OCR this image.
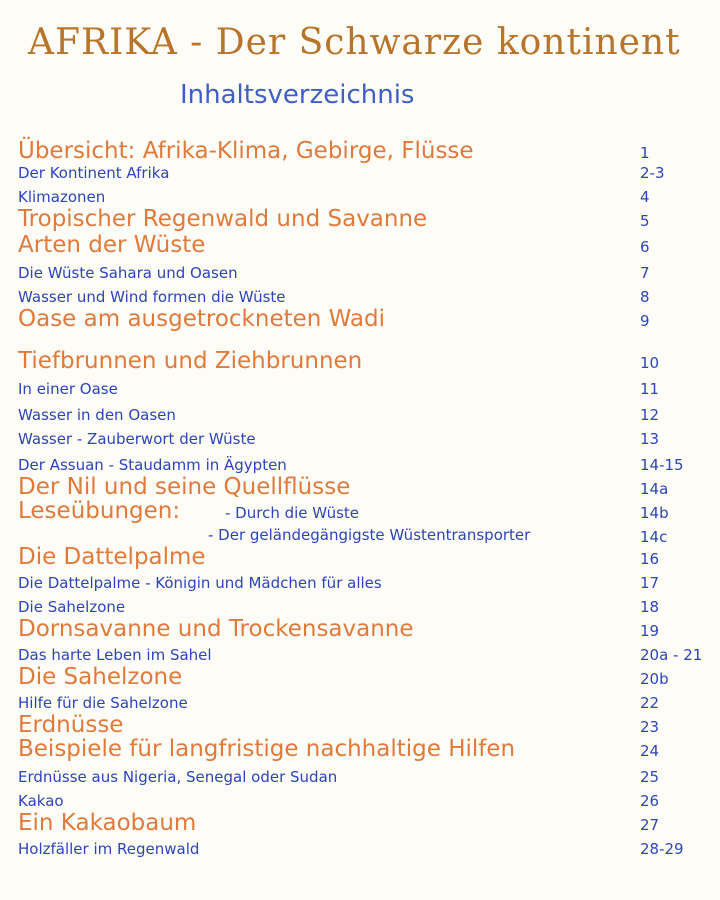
AFRIKA - Der Schwarze kontinent
Inhaltsverzeichnis
Übersicht: Afrika-Klima, Gebirge, Flüsse	1
Der Kontinent Afrika	2-3
Klimazonen	4
Tropischer Regenwald und Savanne	5
Arten der Wüste	6
Die Wüste Sahara und Oasen	7
Wasser und Wind formen die Wüste	8
Oase am ausgetrockneten Wadi	9
Tiefbrunnen und Ziehbrunnen	10
In einer Oase	11
Wasser in den Oasen	12
Wasser - Zauberwort der Wüste	13
Der Assuan - Staudamm in Ägypten	14-15
Der Nil und seine Quellflüsse	14a
Leseübungen:	- Durch die Wüste	14b
- Der geländegängigste Wüstentransporter	14c
Die Dattelpalme	16
Die Dattelpalme - Königin und Mädchen für alles	17
Die Sahelzone	18
Dornsavanne und Trockensavanne	19
Das harte Leben im Sahel	20a - 21
Die Sahelzone	20b
Hilfe für die Sahelzone	22
Erdnüsse	23
Beispiele für langfristige nachhaltige Hilfen	24
Erdnüsse aus Nigeria, Senegal oder Sudan	25
Kakao	26
Ein Kakaobaum	27
Holzfäller im Regenwald	28-29
